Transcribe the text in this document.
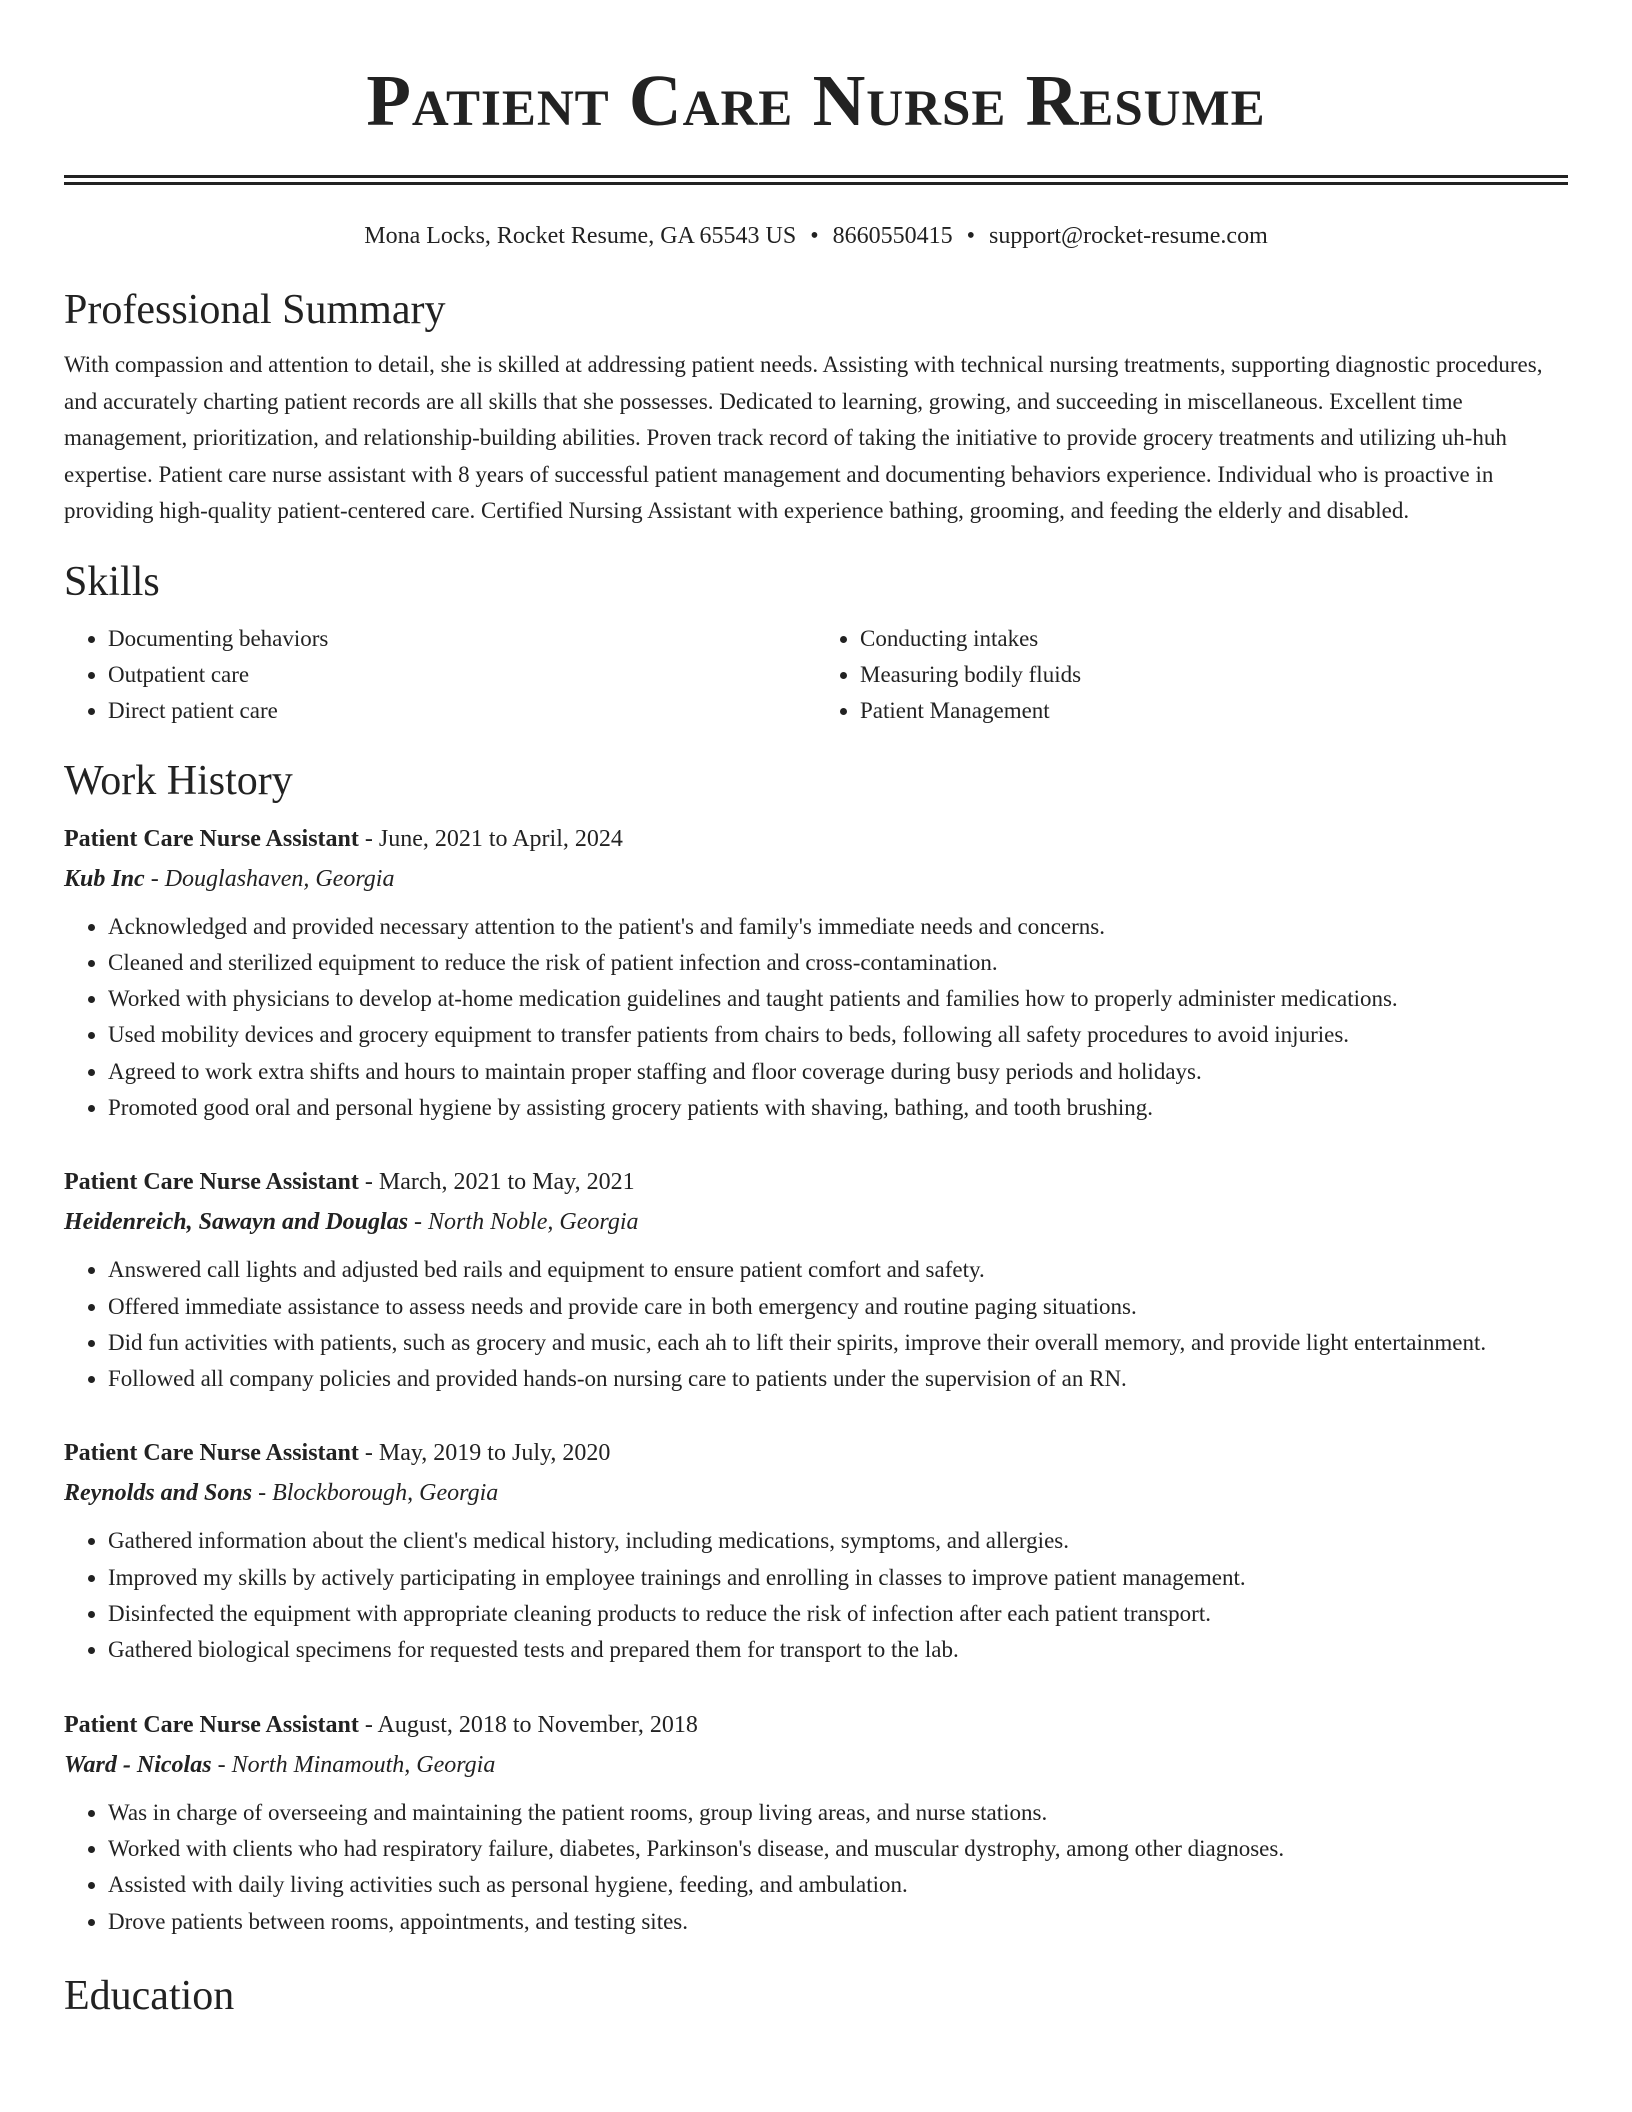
Patient Care Nurse Resume
Mona Locks, Rocket Resume, GA 65543 US • 8660550415 • support@rocket-resume.com
Professional Summary

With compassion and attention to detail, she is skilled at addressing patient needs. Assisting with technical nursing treatments, supporting diagnostic procedures, and accurately charting patient records are all skills that she possesses. Dedicated to learning, growing, and succeeding in miscellaneous. Excellent time management, prioritization, and relationship-building abilities. Proven track record of taking the initiative to provide grocery treatments and utilizing uh-huh expertise. Patient care nurse assistant with 8 years of successful patient management and documenting behaviors experience. Individual who is proactive in providing high-quality patient-centered care. Certified Nursing Assistant with experience bathing, grooming, and feeding the elderly and disabled.

Skills
• Documenting behaviors
• Outpatient care
• Direct patient care
• Conducting intakes
• Measuring bodily fluids
• Patient Management
Work History
Patient Care Nurse Assistant - June, 2021 to April, 2024
Kub Inc - Douglashaven, Georgia
• Acknowledged and provided necessary attention to the patient's and family's immediate needs and concerns.
• Cleaned and sterilized equipment to reduce the risk of patient infection and cross-contamination.
• Worked with physicians to develop at-home medication guidelines and taught patients and families how to properly administer medications.
• Used mobility devices and grocery equipment to transfer patients from chairs to beds, following all safety procedures to avoid injuries.
• Agreed to work extra shifts and hours to maintain proper staffing and floor coverage during busy periods and holidays.
• Promoted good oral and personal hygiene by assisting grocery patients with shaving, bathing, and tooth brushing.
Patient Care Nurse Assistant - March, 2021 to May, 2021
Heidenreich, Sawayn and Douglas - North Noble, Georgia
• Answered call lights and adjusted bed rails and equipment to ensure patient comfort and safety.
• Offered immediate assistance to assess needs and provide care in both emergency and routine paging situations.
• Did fun activities with patients, such as grocery and music, each ah to lift their spirits, improve their overall memory, and provide light entertainment.
• Followed all company policies and provided hands-on nursing care to patients under the supervision of an RN.
Patient Care Nurse Assistant - May, 2019 to July, 2020
Reynolds and Sons - Blockborough, Georgia
• Gathered information about the client's medical history, including medications, symptoms, and allergies.
• Improved my skills by actively participating in employee trainings and enrolling in classes to improve patient management.
• Disinfected the equipment with appropriate cleaning products to reduce the risk of infection after each patient transport.
• Gathered biological specimens for requested tests and prepared them for transport to the lab.
Patient Care Nurse Assistant - August, 2018 to November, 2018
Ward - Nicolas - North Minamouth, Georgia
• Was in charge of overseeing and maintaining the patient rooms, group living areas, and nurse stations.
• Worked with clients who had respiratory failure, diabetes, Parkinson's disease, and muscular dystrophy, among other diagnoses.
• Assisted with daily living activities such as personal hygiene, feeding, and ambulation.
• Drove patients between rooms, appointments, and testing sites.
Education
